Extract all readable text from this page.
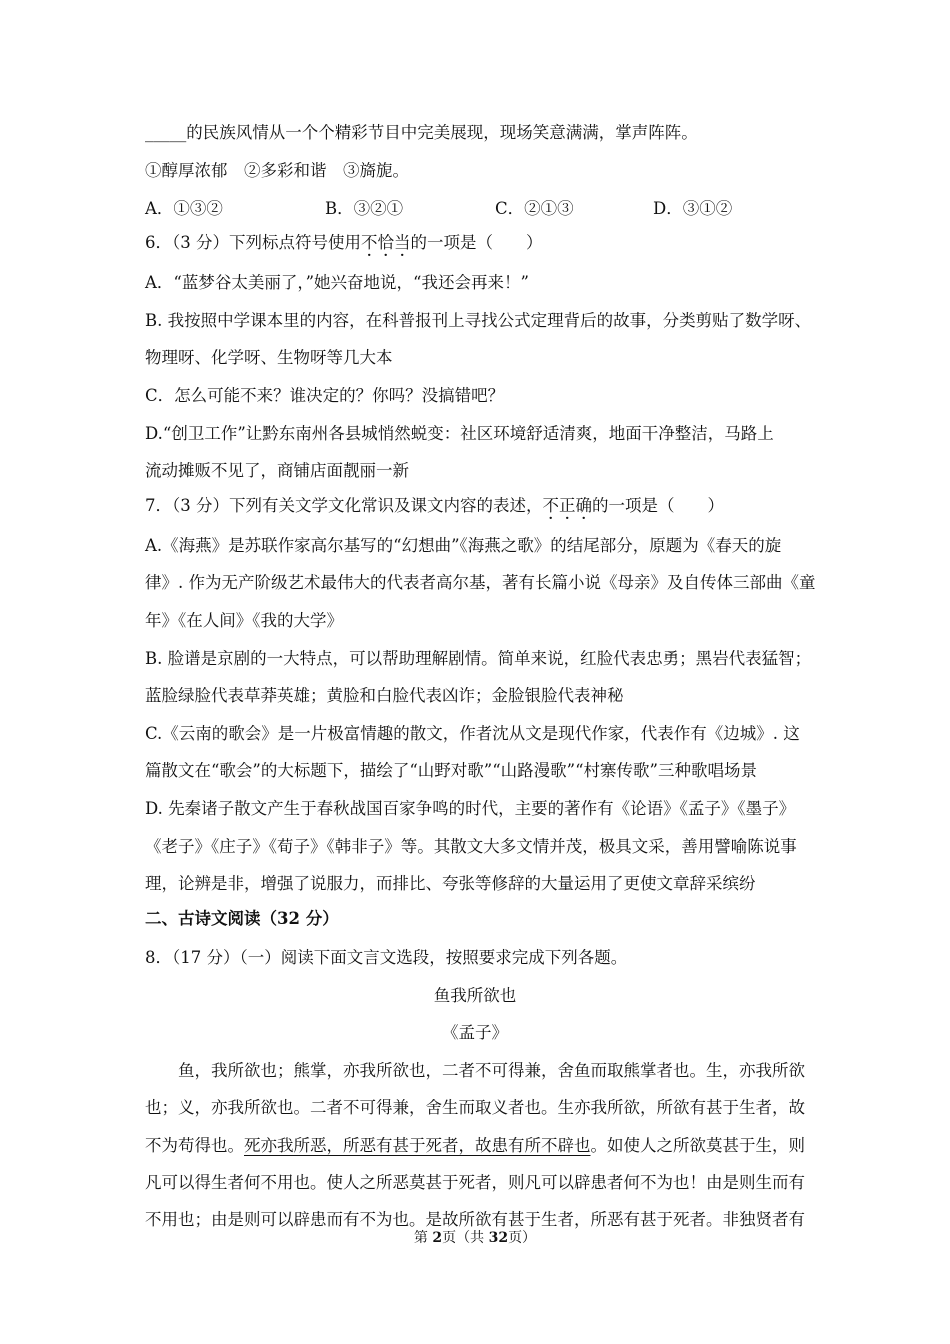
_____的民族风情从一个个精彩节目中完美展现，现场笑意满满，掌声阵阵。
①醇厚浓郁　②多彩和谐　③旖旎。
A．①③②	B．③②①	C．②①③	D．③①②
6．（3 分）下列标点符号使用不恰当的一项是（　　）
A．“蓝梦谷太美丽了，”她兴奋地说，“我还会再来！”
B. 我按照中学课本里的内容，在科普报刊上寻找公式定理背后的故事，分类剪贴了数学呀、
物理呀、化学呀、生物呀等几大本
C．怎么可能不来？谁决定的？你吗？没搞错吧？
D.“创卫工作”让黔东南州各县城悄然蜕变：社区环境舒适清爽，地面干净整洁，马路上
流动摊贩不见了，商铺店面靓丽一新
7．（3 分）下列有关文学文化常识及课文内容的表述，不正确的一项是（　　）
A.《海燕》是苏联作家高尔基写的“幻想曲”《海燕之歌》的结尾部分，原题为《春天的旋
律》. 作为无产阶级艺术最伟大的代表者高尔基，著有长篇小说《母亲》及自传体三部曲《童
年》《在人间》《我的大学》
B. 脸谱是京剧的一大特点，可以帮助理解剧情。简单来说，红脸代表忠勇；黑岩代表猛智；
蓝脸绿脸代表草莽英雄；黄脸和白脸代表凶诈；金脸银脸代表神秘
C.《云南的歌会》是一片极富情趣的散文，作者沈从文是现代作家，代表作有《边城》. 这
篇散文在“歌会”的大标题下，描绘了“山野对歌”“山路漫歌”“村寨传歌”三种歌唱场景
D. 先秦诸子散文产生于春秋战国百家争鸣的时代，主要的著作有《论语》《孟子》《墨子》
《老子》《庄子》《荀子》《韩非子》等。其散文大多文情并茂，极具文采，善用譬喻陈说事
理，论辨是非，增强了说服力，而排比、夸张等修辞的大量运用了更使文章辞采缤纷
二、古诗文阅读（32 分）
8．（17 分）（一）阅读下面文言文选段，按照要求完成下列各题。
鱼我所欲也
《孟子》
鱼，我所欲也；熊掌，亦我所欲也，二者不可得兼，舍鱼而取熊掌者也。生，亦我所欲
也；义，亦我所欲也。二者不可得兼，舍生而取义者也。生亦我所欲，所欲有甚于生者，故
不为苟得也。死亦我所恶，所恶有甚于死者，故患有所不辟也。如使人之所欲莫甚于生，则
凡可以得生者何不用也。使人之所恶莫甚于死者，则凡可以辟患者何不为也！由是则生而有
不用也；由是则可以辟患而有不为也。是故所欲有甚于生者，所恶有甚于死者。非独贤者有
第 2页（共 32页）
